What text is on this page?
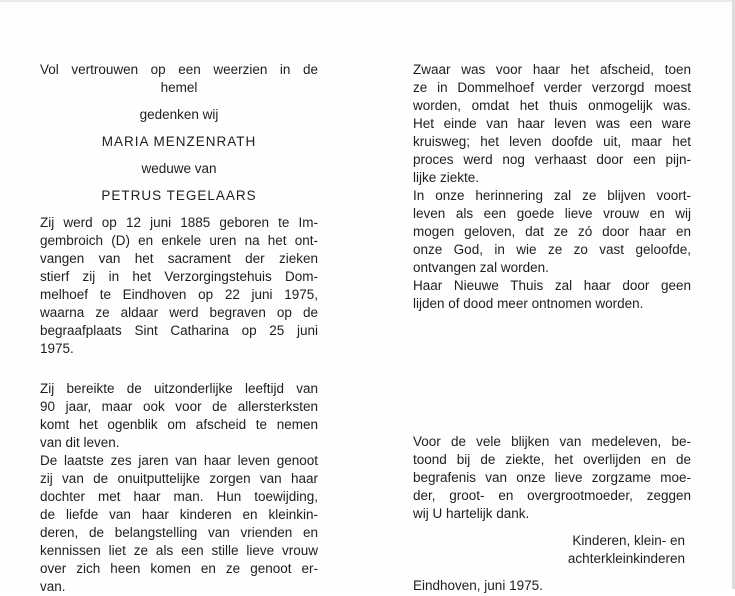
Vol vertrouwen op een weerzien in de
hemel
gedenken wij
MARIA MENZENRATH
weduwe van
PETRUS TEGELAARS
Zij werd op 12 juni 1885 geboren te Im-
gembroich (D) en enkele uren na het ont-
vangen van het sacrament der zieken
stierf zij in het Verzorgingstehuis Dom-
melhoef te Eindhoven op 22 juni 1975,
waarna ze aldaar werd begraven op de
begraafplaats Sint Catharina op 25 juni
1975.
Zij bereikte de uitzonderlijke leeftijd van
90 jaar, maar ook voor de allersterksten
komt het ogenblik om afscheid te nemen
van dit leven.
De laatste zes jaren van haar leven genoot
zij van de onuitputtelijke zorgen van haar
dochter met haar man. Hun toewijding,
de liefde van haar kinderen en kleinkin-
deren, de belangstelling van vrienden en
kennissen liet ze als een stille lieve vrouw
over zich heen komen en ze genoot er-
van.
Zwaar was voor haar het afscheid, toen
ze in Dommelhoef verder verzorgd moest
worden, omdat het thuis onmogelijk was.
Het einde van haar leven was een ware
kruisweg; het leven doofde uit, maar het
proces werd nog verhaast door een pijn-
lijke ziekte.
In onze herinnering zal ze blijven voort-
leven als een goede lieve vrouw en wij
mogen geloven, dat ze zó door haar en
onze God, in wie ze zo vast geloofde,
ontvangen zal worden.
Haar Nieuwe Thuis zal haar door geen
lijden of dood meer ontnomen worden.
Voor de vele blijken van medeleven, be-
toond bij de ziekte, het overlijden en de
begrafenis van onze lieve zorgzame moe-
der, groot- en overgrootmoeder, zeggen
wij U hartelijk dank.
Kinderen, klein- en
achterkleinkinderen
Eindhoven, juni 1975.
